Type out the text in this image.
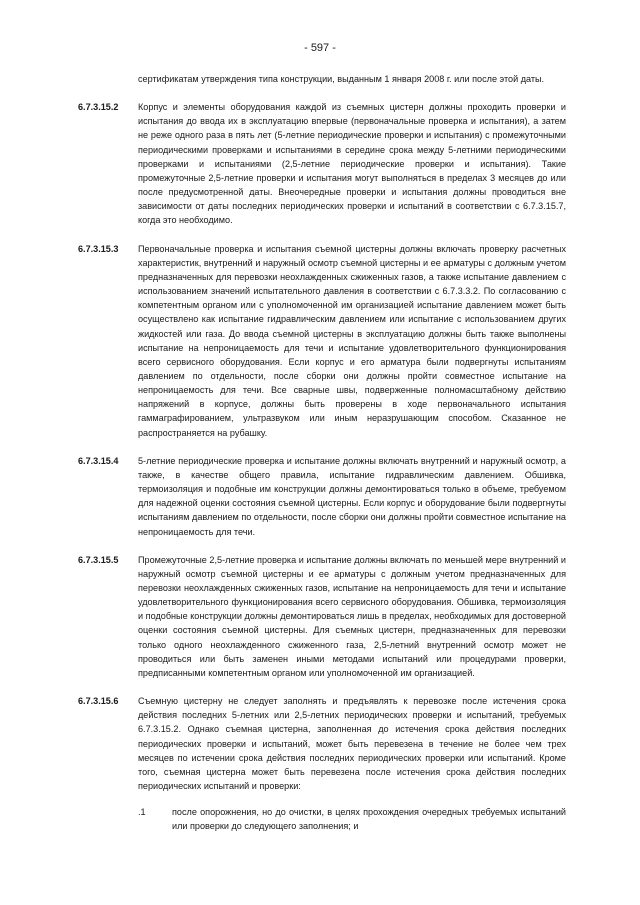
- 597 -
сертификатам утверждения типа конструкции, выданным 1 января 2008 г. или после этой даты.
6.7.3.15.2	Корпус и элементы оборудования каждой из съемных цистерн должны проходить проверки и испытания до ввода их в эксплуатацию впервые (первоначальные проверка и испытания), а затем не реже одного раза в пять лет (5-летние периодические проверки и испытания) с промежуточными периодическими проверками и испытаниями в середине срока между 5-летними периодическими проверками и испытаниями (2,5-летние периодические проверки и испытания). Такие промежуточные 2,5-летние проверки и испытания могут выполняться в пределах 3 месяцев до или после предусмотренной даты. Внеочередные проверки и испытания должны проводиться вне зависимости от даты последних периодических проверки и испытаний в соответствии с 6.7.3.15.7, когда это необходимо.
6.7.3.15.3	Первоначальные проверка и испытания съемной цистерны должны включать проверку расчетных характеристик, внутренний и наружный осмотр съемной цистерны и ее арматуры с должным учетом предназначенных для перевозки неохлажденных сжиженных газов, а также испытание давлением с использованием значений испытательного давления в соответствии с 6.7.3.3.2. По согласованию с компетентным органом или с уполномоченной им организацией испытание давлением может быть осуществлено как испытание гидравлическим давлением или испытание с использованием других жидкостей или газа. До ввода съемной цистерны в эксплуатацию должны быть также выполнены испытание на непроницаемость для течи и испытание удовлетворительного функционирования всего сервисного оборудования. Если корпус и его арматура были подвергнуты испытаниям давлением по отдельности, после сборки они должны пройти совместное испытание на непроницаемость для течи. Все сварные швы, подверженные полномасштабному действию напряжений в корпусе, должны быть проверены в ходе первоначального испытания гаммаграфированием, ультразвуком или иным неразрушающим способом. Сказанное не распространяется на рубашку.
6.7.3.15.4	5-летние периодические проверка и испытание должны включать внутренний и наружный осмотр, а также, в качестве общего правила, испытание гидравлическим давлением. Обшивка, термоизоляция и подобные им конструкции должны демонтироваться только в объеме, требуемом для надежной оценки состояния съемной цистерны. Если корпус и оборудование были подвергнуты испытаниям давлением по отдельности, после сборки они должны пройти совместное испытание на непроницаемость для течи.
6.7.3.15.5	Промежуточные 2,5-летние проверка и испытание должны включать по меньшей мере внутренний и наружный осмотр съемной цистерны и ее арматуры с должным учетом предназначенных для перевозки неохлажденных сжиженных газов, испытание на непроницаемость для течи и испытание удовлетворительного функционирования всего сервисного оборудования. Обшивка, термоизоляция и подобные конструкции должны демонтироваться лишь в пределах, необходимых для достоверной оценки состояния съемной цистерны. Для съемных цистерн, предназначенных для перевозки только одного неохлажденного сжиженного газа, 2,5-летний внутренний осмотр может не проводиться или быть заменен иными методами испытаний или процедурами проверки, предписанными компетентным органом или уполномоченной им организацией.
6.7.3.15.6	Съемную цистерну не следует заполнять и предъявлять к перевозке после истечения срока действия последних 5-летних или 2,5-летних периодических проверки и испытаний, требуемых 6.7.3.15.2. Однако съемная цистерна, заполненная до истечения срока действия последних периодических проверки и испытаний, может быть перевезена в течение не более чем трех месяцев по истечении срока действия последних периодических проверки или испытаний. Кроме того, съемная цистерна может быть перевезена после истечения срока действия последних периодических испытаний и проверки:
.1	после опорожнения, но до очистки, в целях прохождения очередных требуемых испытаний или проверки до следующего заполнения; и
